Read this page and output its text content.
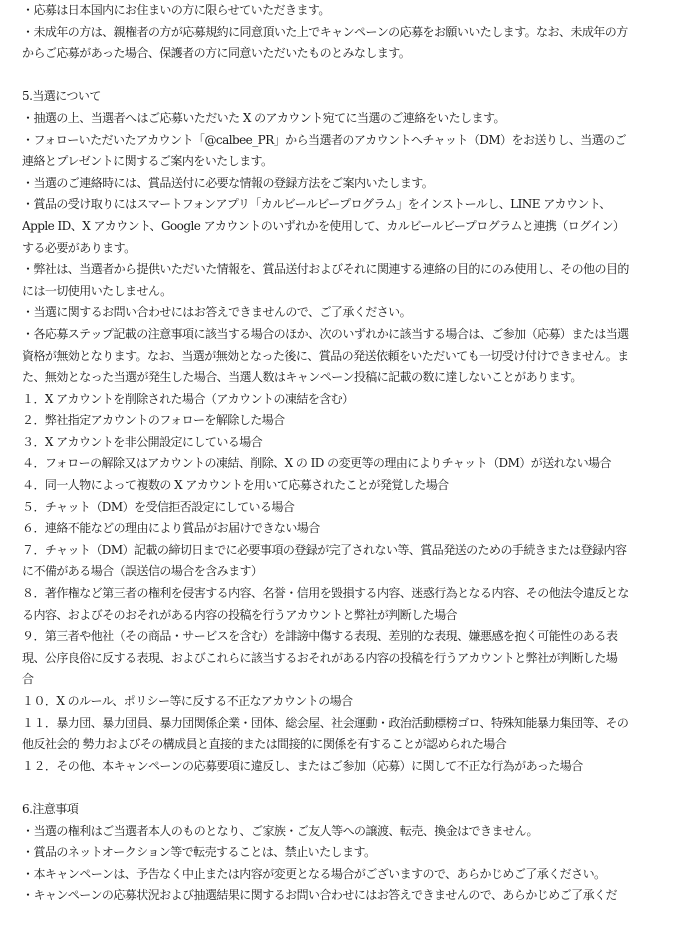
・応募は日本国内にお住まいの方に限らせていただきます。
・未成年の方は、親権者の方が応募規約に同意頂いた上でキャンペーンの応募をお願いいたします。なお、未成年の方
からご応募があった場合、保護者の方に同意いただいたものとみなします。
5.当選について
・抽選の上、当選者へはご応募いただいた X のアカウント宛てに当選のご連絡をいたします。
・フォローいただいたアカウント「@calbee_PR」から当選者のアカウントへチャット（DM）をお送りし、当選のご
連絡とプレゼントに関するご案内をいたします。
・当選のご連絡時には、賞品送付に必要な情報の登録方法をご案内いたします。
・賞品の受け取りにはスマートフォンアプリ「カルビールビープログラム」をインストールし、LINE アカウント、
Apple ID、X アカウント、Google アカウントのいずれかを使用して、カルビールビープログラムと連携（ログイン）
する必要があります。
・弊社は、当選者から提供いただいた情報を、賞品送付およびそれに関連する連絡の目的にのみ使用し、その他の目的
には一切使用いたしません。
・当選に関するお問い合わせにはお答えできませんので、ご了承ください。
・各応募ステップ記載の注意事項に該当する場合のほか、次のいずれかに該当する場合は、ご参加（応募）または当選
資格が無効となります。なお、当選が無効となった後に、賞品の発送依頼をいただいても一切受け付けできません。ま
た、無効となった当選が発生した場合、当選人数はキャンペーン投稿に記載の数に達しないことがあります。
１．X アカウントを削除された場合（アカウントの凍結を含む）
２．弊社指定アカウントのフォローを解除した場合
３．X アカウントを非公開設定にしている場合
４．フォローの解除又はアカウントの凍結、削除、X の ID の変更等の理由によりチャット（DM）が送れない場合
４．同一人物によって複数の X アカウントを用いて応募されたことが発覚した場合
５．チャット（DM）を受信拒否設定にしている場合
６．連絡不能などの理由により賞品がお届けできない場合
７．チャット（DM）記載の締切日までに必要事項の登録が完了されない等、賞品発送のための手続きまたは登録内容
に不備がある場合（誤送信の場合を含みます）
８．著作権など第三者の権利を侵害する内容、名誉・信用を毀損する内容、迷惑行為となる内容、その他法令違反とな
る内容、およびそのおそれがある内容の投稿を行うアカウントと弊社が判断した場合
９．第三者や他社（その商品・サービスを含む）を誹謗中傷する表現、差別的な表現、嫌悪感を抱く可能性のある表
現、公序良俗に反する表現、およびこれらに該当するおそれがある内容の投稿を行うアカウントと弊社が判断した場
合
１０．X のルール、ポリシー等に反する不正なアカウントの場合
１１．暴力団、暴力団員、暴力団関係企業・団体、総会屋、社会運動・政治活動標榜ゴロ、特殊知能暴力集団等、その
他反社会的 勢力およびその構成員と直接的または間接的に関係を有することが認められた場合
１２．その他、本キャンペーンの応募要項に違反し、またはご参加（応募）に関して不正な行為があった場合
6.注意事項
・当選の権利はご当選者本人のものとなり、ご家族・ご友人等への譲渡、転売、換金はできません。
・賞品のネットオークション等で転売することは、禁止いたします。
・本キャンペーンは、予告なく中止または内容が変更となる場合がございますので、あらかじめご了承ください。
・キャンペーンの応募状況および抽選結果に関するお問い合わせにはお答えできませんので、あらかじめご了承くだ
